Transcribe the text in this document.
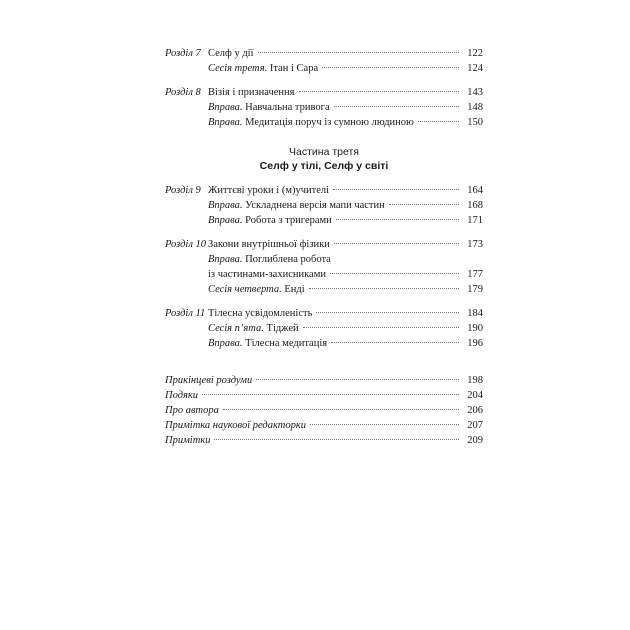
Розділ 7 Селф у дії	122
Сесія третя. Ітан і Сара	124
Розділ 8 Візія і призначення	143
Вправа. Навчальна тривога	148
Вправа. Медитація поруч із сумною людиною	150
Частина третя
Селф у тілі, Селф у світі
Розділ 9 Життєві уроки і (м)учителі	164
Вправа. Ускладнена версія мапи частин	168
Вправа. Робота з тригерами	171
Розділ 10 Закони внутрішньої фізики	173
Вправа. Поглиблена робота
із частинами-захисниками	177
Сесія четверта. Енді	179
Розділ 11 Тілесна усвідомленість	184
Сесія п’ята. Тіджей	190
Вправа. Тілесна медитація	196
Прикінцеві роздуми	198
Подяки	204
Про автора	206
Примітка наукової редакторки	207
Примітки	209
